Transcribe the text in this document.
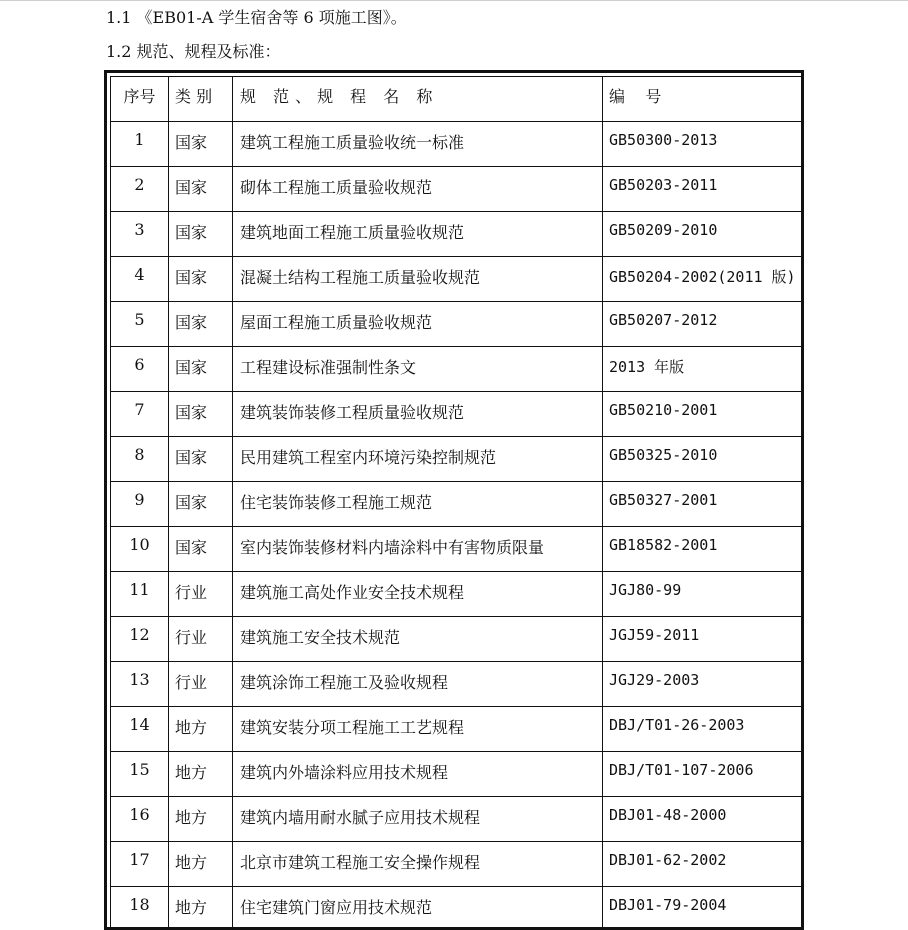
1.1 《EB01-A 学生宿舍等 6 项施工图》。
1.2 规范、规程及标准：
序号	类 别	规 范、规 程 名 称	编    号

1	国家	建筑工程施工质量验收统一标准	GB50300-2013

2	国家	砌体工程施工质量验收规范	GB50203-2011

3	国家	建筑地面工程施工质量验收规范	GB50209-2010

4	国家	混凝土结构工程施工质量验收规范	GB50204-2002(2011 版)

5	国家	屋面工程施工质量验收规范	GB50207-2012

6	国家	工程建设标准强制性条文	2013 年版

7	国家	建筑装饰装修工程质量验收规范	GB50210-2001

8	国家	民用建筑工程室内环境污染控制规范	GB50325-2010

9	国家	住宅装饰装修工程施工规范	GB50327-2001

10	国家	室内装饰装修材料内墙涂料中有害物质限量	GB18582-2001

11	行业	建筑施工高处作业安全技术规程	JGJ80-99

12	行业	建筑施工安全技术规范	JGJ59-2011

13	行业	建筑涂饰工程施工及验收规程	JGJ29-2003

14	地方	建筑安装分项工程施工工艺规程	DBJ/T01-26-2003

15	地方	建筑内外墙涂料应用技术规程	DBJ/T01-107-2006

16	地方	建筑内墙用耐水腻子应用技术规程	DBJ01-48-2000

17	地方	北京市建筑工程施工安全操作规程	DBJ01-62-2002

18	地方	住宅建筑门窗应用技术规范	DBJ01-79-2004
